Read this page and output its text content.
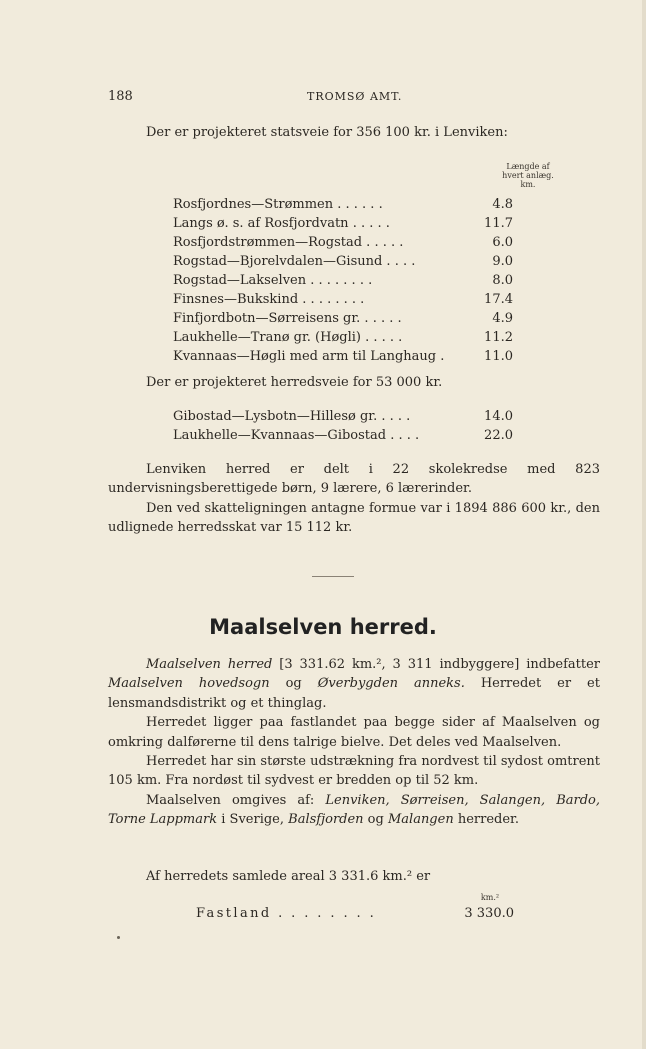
188	TROMSØ AMT.
Der er projekteret statsveie for 356 100 kr. i Lenviken:
Længde af
hvert anlæg.
km.
Rosfjordnes—Strømmen . . . . . .	4.8
Langs ø. s. af Rosfjordvatn . . . . .	11.7
Rosfjordstrømmen—Rogstad . . . . .	6.0
Rogstad—Bjorelvdalen—Gisund . . . .	9.0
Rogstad—Lakselven . . . . . . . .	8.0
Finsnes—Bukskind . . . . . . . .	17.4
Finfjordbotn—Sørreisens gr. . . . . .	4.9
Laukhelle—Tranø gr. (Høgli) . . . . .	11.2
Kvannaas—Høgli med arm til Langhaug .	11.0
Der er projekteret herredsveie for 53 000 kr.
Gibostad—Lysbotn—Hillesø gr. . . . .	14.0
Laukhelle—Kvannaas—Gibostad . . . .	22.0

Lenviken herred er delt i 22 skolekredse med 823 undervisningsberettigede børn, 9 lærere, 6 lærerinder.

Den ved skatteligningen antagne formue var i 1894 886 600 kr., den udlignede herredsskat var 15 112 kr.

Maalselven herred.

Maalselven herred [3 331.62 km.², 3 311 indbyggere] indbefatter Maalselven hovedsogn og Øverbygden anneks. Herredet er et lensmandsdistrikt og et thinglag.

Herredet ligger paa fastlandet paa begge sider af Maalselven og omkring dalførerne til dens talrige bielve. Det deles ved Maalselven.

Herredet har sin største udstrækning fra nordvest til sydost omtrent 105 km. Fra nordøst til sydvest er bredden op til 52 km.

Maalselven omgives af: Lenviken, Sørreisen, Salangen, Bardo, Torne Lappmark i Sverige, Balsfjorden og Malangen herreder.

Af herredets samlede areal 3 331.6 km.² er
km.²
Fastland . . . . . . . .	3 330.0
